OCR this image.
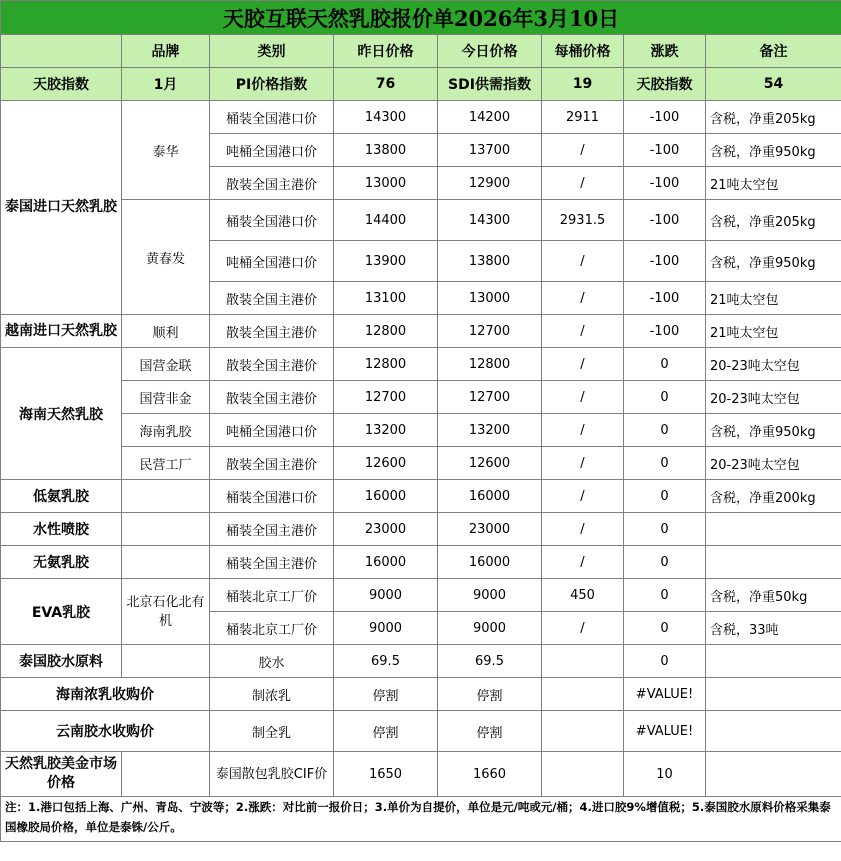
天胶互联天然乳胶报价单2026年3月10日							
	品牌	类别	昨日价格	今日价格	每桶价格	涨跌	备注
天胶指数	1月	PI价格指数	76	SDI供需指数	19	天胶指数	54
泰国进口天然乳胶	泰华	桶装全国港口价	14300	14200	2911	-100	含税，净重205kg
		吨桶全国港口价	13800	13700	/	-100	含税，净重950kg
		散装全国主港价	13000	12900	/	-100	21吨太空包
	黄春发	桶装全国港口价	14400	14300	2931.5	-100	含税，净重205kg
		吨桶全国港口价	13900	13800	/	-100	含税，净重950kg
		散装全国主港价	13100	13000	/	-100	21吨太空包
越南进口天然乳胶	顺利	散装全国主港价	12800	12700	/	-100	21吨太空包
海南天然乳胶	国营金联	散装全国主港价	12800	12800	/	0	20-23吨太空包
	国营非金	散装全国主港价	12700	12700	/	0	20-23吨太空包
	海南乳胶	吨桶全国港口价	13200	13200	/	0	含税，净重950kg
	民营工厂	散装全国主港价	12600	12600	/	0	20-23吨太空包
低氨乳胶		桶装全国港口价	16000	16000	/	0	含税，净重200kg
水性喷胶		桶装全国主港价	23000	23000	/	0	
无氨乳胶		桶装全国主港价	16000	16000	/	0	
EVA乳胶	北京石化北有机	桶装北京工厂价	9000	9000	450	0	含税，净重50kg
		桶装北京工厂价	9000	9000	/	0	含税，33吨
泰国胶水原料		胶水	69.5	69.5		0	
海南浓乳收购价		制浓乳	停割	停割		#VALUE!	
云南胶水收购价		制全乳	停割	停割		#VALUE!	
天然乳胶美金市场价格		泰国散包乳胶CIF价	1650	1660		10	
注：1.港口包括上海、广州、青岛、宁波等；2.涨跌：对比前一报价日；3.单价为自提价，单位是元/吨或元/桶；4.进口胶9%增值税；5.泰国胶水原料价格采集泰国橡胶局价格，单位是泰铢/公斤。							
